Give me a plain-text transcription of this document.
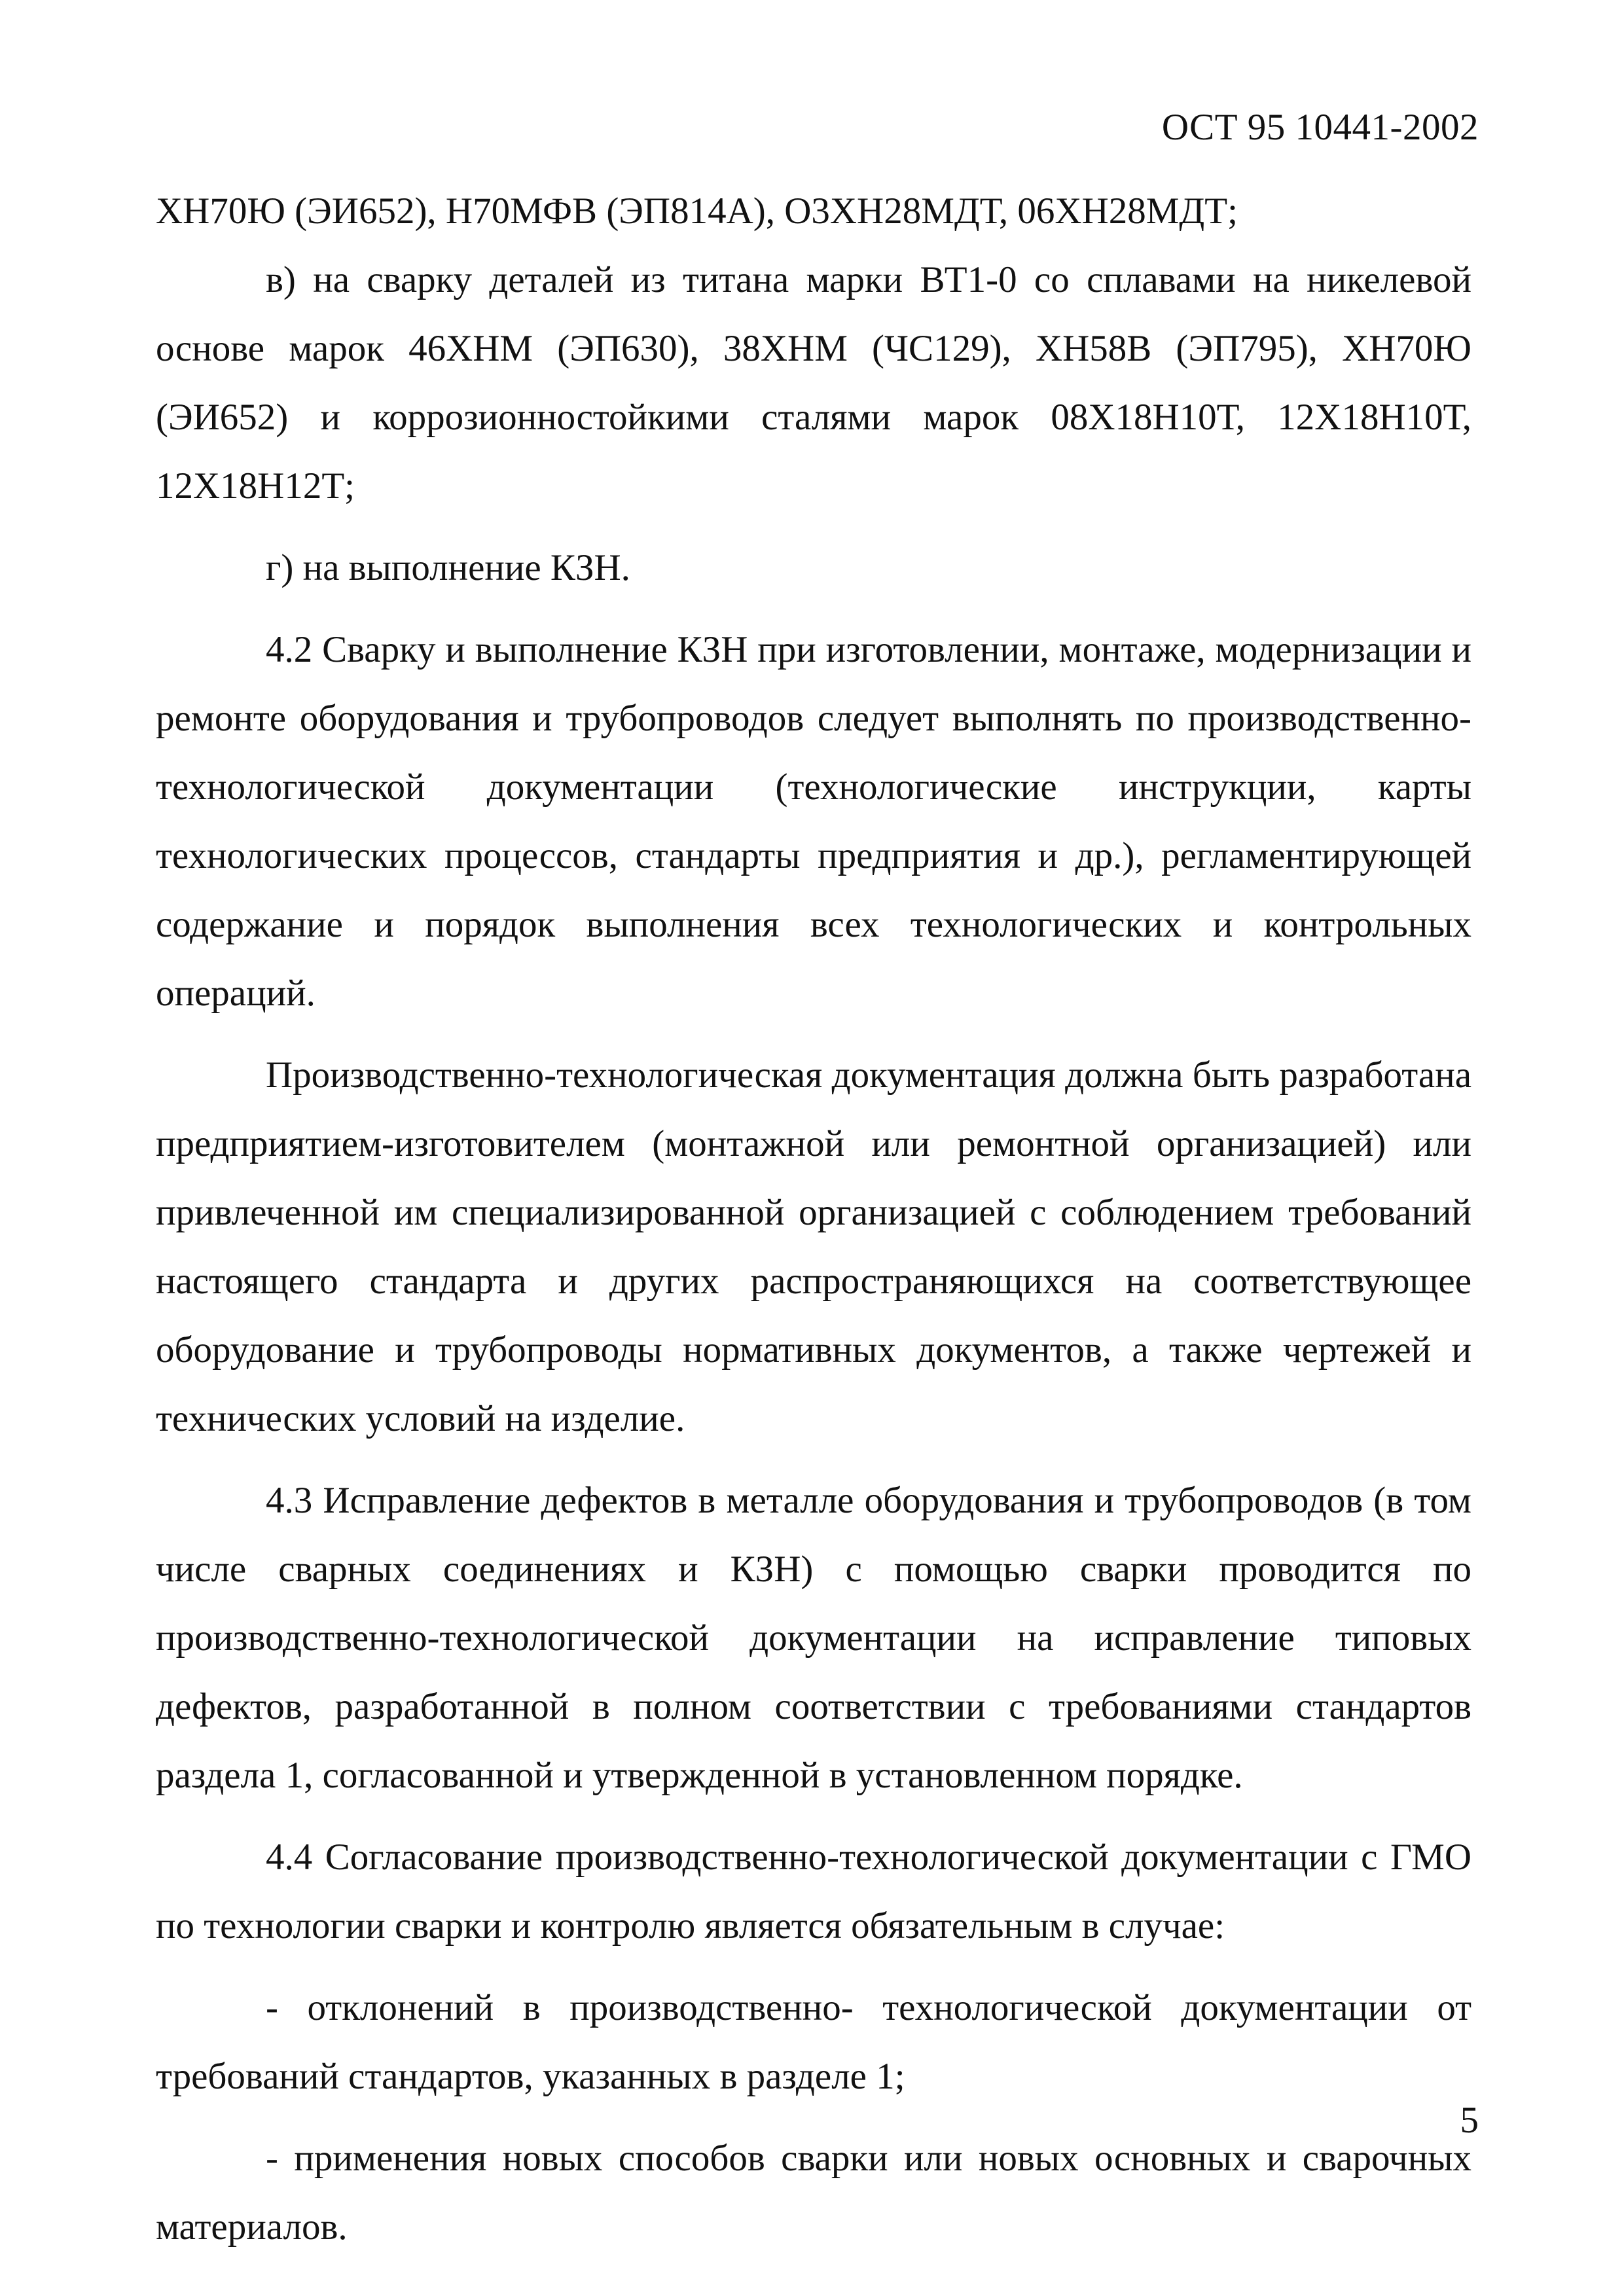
ОСТ 95 10441-2002

ХН70Ю (ЭИ652), Н70МФВ (ЭП814А), О3ХН28МДТ, 06ХН28МДТ;

в) на сварку деталей из титана марки ВТ1-0 со сплавами на никелевой основе марок 46ХНМ (ЭП630), 38ХНМ (ЧС129), ХН58В (ЭП795), ХН70Ю (ЭИ652) и коррозионностойкими сталями марок 08Х18Н10Т, 12Х18Н10Т, 12Х18Н12Т;

г) на выполнение КЗН.

4.2 Сварку и выполнение КЗН при изготовлении, монтаже, модернизации и ремонте оборудования и трубопроводов следует выполнять по производственно-технологической документации (технологические инструкции, карты технологических процессов, стандарты предприятия и др.), регламентирующей содержание и порядок выполнения всех технологических и контрольных операций.

Производственно-технологическая документация должна быть разработана предприятием-изготовителем (монтажной или ремонтной организацией) или привлеченной им специализированной организацией с соблюдением требований настоящего стандарта и других распространяющихся на соответствующее оборудование и трубопроводы нормативных документов, а также чертежей и технических условий на изделие.

4.3 Исправление дефектов в металле оборудования и трубопроводов (в том числе сварных соединениях и КЗН) с помощью сварки проводится по производственно-технологической документации на исправление типовых дефектов, разработанной в полном соответствии с требованиями стандартов раздела 1, согласованной и утвержденной в установленном порядке.

4.4 Согласование производственно-технологической документации с ГМО по технологии сварки и контролю является обязательным в случае:

- отклонений в производственно- технологической документации от требований стандартов, указанных в разделе 1;

- применения новых способов сварки или новых основных и сварочных материалов.

5
